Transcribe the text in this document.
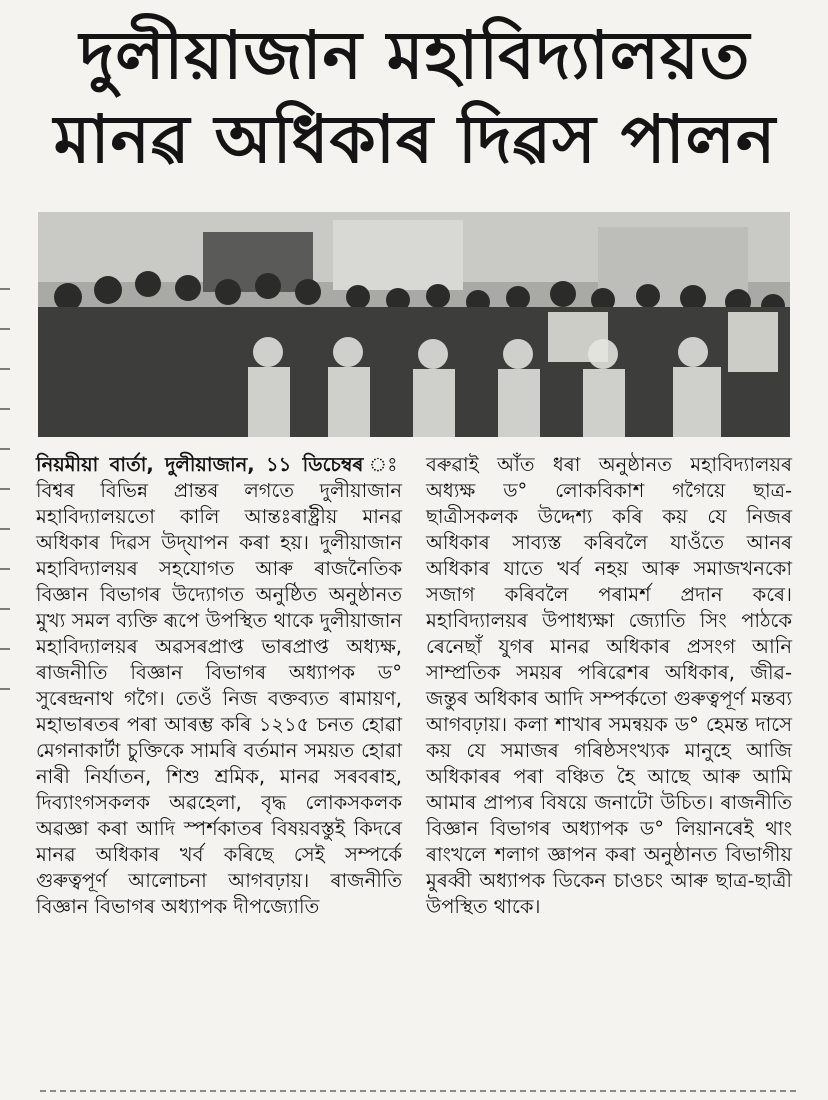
দুলীয়াজান মহাবিদ্যালয়ত
মানৱ অধিকাৰ দিৱস পালন

নিয়মীয়া বাৰ্তা, দুলীয়াজান, ১১ ডিচেম্বৰ বিশ্বৰ বিভিন্ন প্ৰান্তৰ লগতে দুলীয়াজান মহাবিদ্যালয়তো কালি আন্তঃৰাষ্ট্ৰীয় মানৱ অধিকাৰ দিৱস উদ্‌যাপন কৰা হয়। দুলীয়াজান মহাবিদ্যালয়ৰ সহযোগত আৰু ৰাজনৈতিক বিজ্ঞান বিভাগৰ উদ্যোগত অনুষ্ঠিত অনুষ্ঠানত মুখ্য সমল ব্যক্তি ৰূপে উপস্থিত থাকে দুলীয়াজান মহাবিদ্যালয়ৰ অৱসৰপ্ৰাপ্ত ভাৰপ্ৰাপ্ত অধ্যক্ষ, ৰাজনীতি বিজ্ঞান বিভাগৰ অধ্যাপক ড° সুৰেন্দ্ৰনাথ গগৈ। তেওঁ নিজ বক্তব্যত ৰামায়ণ, মহাভাৰতৰ পৰা আৰম্ভ কৰি ১২১৫ চনত হোৱা মেগনাকাৰ্টা চুক্তিকে সামৰি বৰ্তমান সময়ত হোৱা নাৰী নিৰ্যাতন, শিশু শ্ৰমিক, মানৱ সৰবৰাহ, দিব্যাংগসকলক অৱহেলা, বৃদ্ধ লোকসকলক অৱজ্ঞা কৰা আদি স্পৰ্শকাতৰ বিষয়বস্তুই কিদৰে মানৱ অধিকাৰ খৰ্ব কৰিছে সেই সম্পৰ্কে গুৰুত্বপূৰ্ণ আলোচনা আগবঢ়ায়। ৰাজনীতি বিজ্ঞান বিভাগৰ অধ্যাপক দীপজ্যোতি

বৰুৱাই আঁত ধৰা অনুষ্ঠানত মহাবিদ্যালয়ৰ অধ্যক্ষ ড° লোকবিকাশ গগৈয়ে ছাত্ৰ-ছাত্ৰীসকলক উদ্দেশ্য কৰি কয় যে নিজৰ অধিকাৰ সাব্যস্ত কৰিবলৈ যাওঁতে আনৰ অধিকাৰ যাতে খৰ্ব নহয় আৰু সমাজখনকো সজাগ কৰিবলৈ পৰামৰ্শ প্ৰদান কৰে। মহাবিদ্যালয়ৰ উপাধ্যক্ষা জ্যোতি সিং পাঠকে ৰেনেছাঁ যুগৰ মানৱ অধিকাৰ প্ৰসংগ আনি সাম্প্ৰতিক সময়ৰ পৰিৱেশৰ অধিকাৰ, জীৱ-জন্তুৰ অধিকাৰ আদি সম্পৰ্কতো গুৰুত্বপূৰ্ণ মন্তব্য আগবঢ়ায়। কলা শাখাৰ সমন্বয়ক ড° হেমন্ত দাসে কয় যে সমাজৰ গৰিষ্ঠসংখ্যক মানুহে আজি অধিকাৰৰ পৰা বঞ্চিত হৈ আছে আৰু আমি আমাৰ প্ৰাপ্যৰ বিষয়ে জনাটো উচিত। ৰাজনীতি বিজ্ঞান বিভাগৰ অধ্যাপক ড° লিয়ানৰেই থাং ৰাংখলে শলাগ জ্ঞাপন কৰা অনুষ্ঠানত বিভাগীয় মুৰব্বী অধ্যাপক ডিকেন চাওচং আৰু ছাত্ৰ-ছাত্ৰী উপস্থিত থাকে।
